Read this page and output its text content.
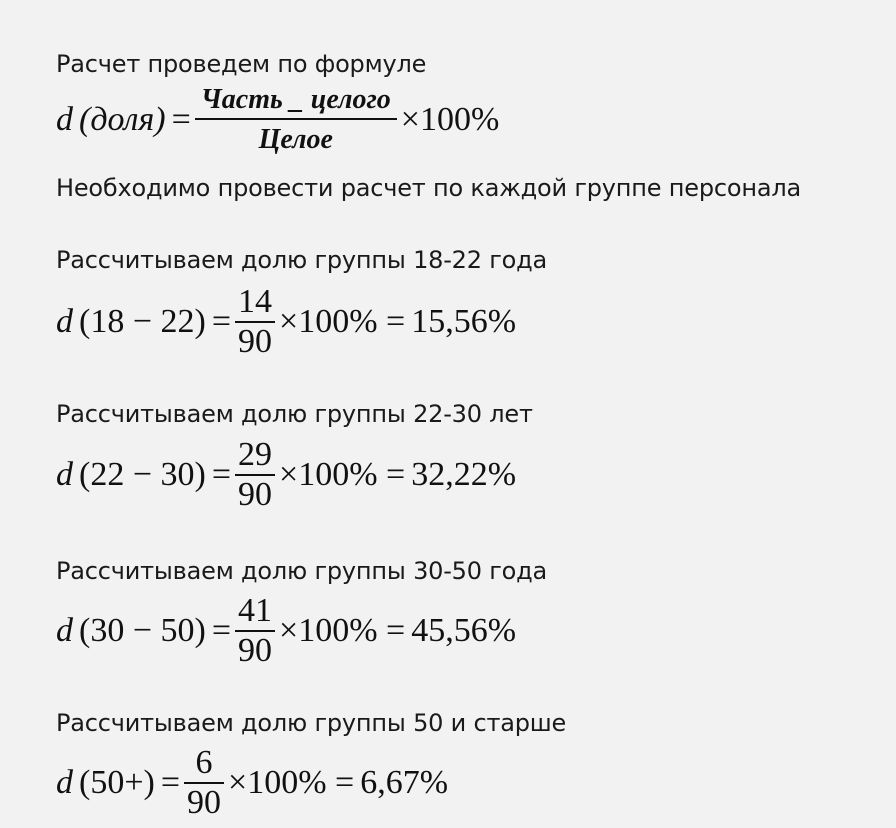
Расчет проведем по формуле
d (доля) = $\frac{\text{Часть \_ целого}}{\text{Целое}} \times 100\%$
Необходимо провести расчет по каждой группе персонала
Рассчитываем долю группы 18-22 года
d $(18 - 22) = \frac{14}{90} \times 100\% = 15,56\%$
Рассчитываем долю группы 22-30 лет
d $(22 - 30) = \frac{29}{90} \times 100\% = 32,22\%$
Рассчитываем долю группы 30-50 года
d $(30 - 50) = \frac{41}{90} \times 100\% = 45,56\%$
Рассчитываем долю группы 50 и старше
d $(50+) = \frac{6}{90} \times 100\% = 6,67\%$
